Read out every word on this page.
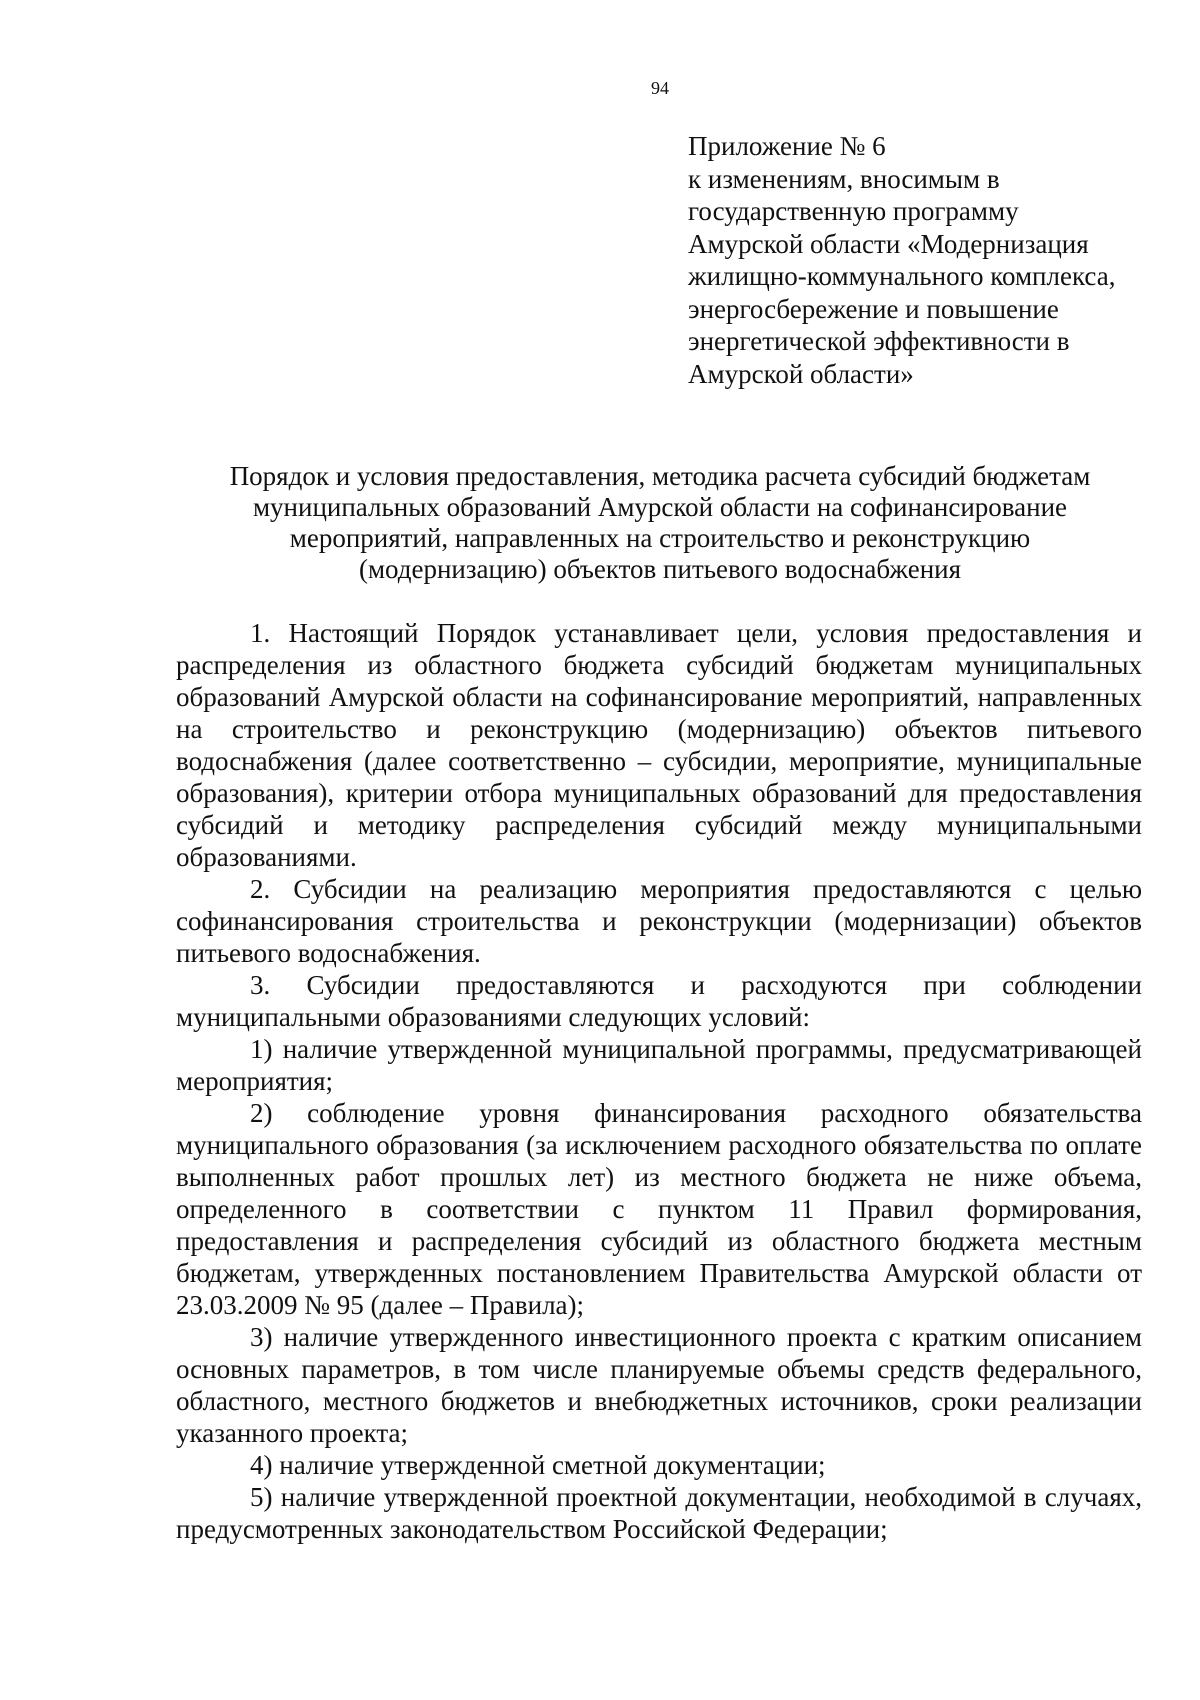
94
Приложение № 6
к изменениям, вносимым в
государственную программу
Амурской области «Модернизация
жилищно-коммунального комплекса,
энергосбережение и повышение
энергетической эффективности в
Амурской области»
Порядок и условия предоставления, методика расчета субсидий бюджетам
муниципальных образований Амурской области на софинансирование
мероприятий, направленных на строительство и реконструкцию
(модернизацию) объектов питьевого водоснабжения

1. Настоящий Порядок устанавливает цели, условия предоставления и распределения из областного бюджета субсидий бюджетам муниципальных образований Амурской области на софинансирование мероприятий, направленных на строительство и реконструкцию (модернизацию) объектов питьевого водоснабжения (далее соответственно – субсидии, мероприятие, муниципальные образования), критерии отбора муниципальных образований для предоставления субсидий и методику распределения субсидий между муниципальными образованиями.

2. Субсидии на реализацию мероприятия предоставляются с целью софинансирования строительства и реконструкции (модернизации) объектов питьевого водоснабжения.

3. Субсидии предоставляются и расходуются при соблюдении муниципальными образованиями следующих условий:

1) наличие утвержденной муниципальной программы, предусматривающей мероприятия;

2) соблюдение уровня финансирования расходного обязательства муниципального образования (за исключением расходного обязательства по оплате выполненных работ прошлых лет) из местного бюджета не ниже объема, определенного в соответствии с пунктом 11 Правил формирования, предоставления и распределения субсидий из областного бюджета местным бюджетам, утвержденных постановлением Правительства Амурской области от 23.03.2009 № 95 (далее – Правила);

3) наличие утвержденного инвестиционного проекта с кратким описанием основных параметров, в том числе планируемые объемы средств федерального, областного, местного бюджетов и внебюджетных источников, сроки реализации указанного проекта;

4) наличие утвержденной сметной документации;

5) наличие утвержденной проектной документации, необходимой в случаях, предусмотренных законодательством Российской Федерации;
